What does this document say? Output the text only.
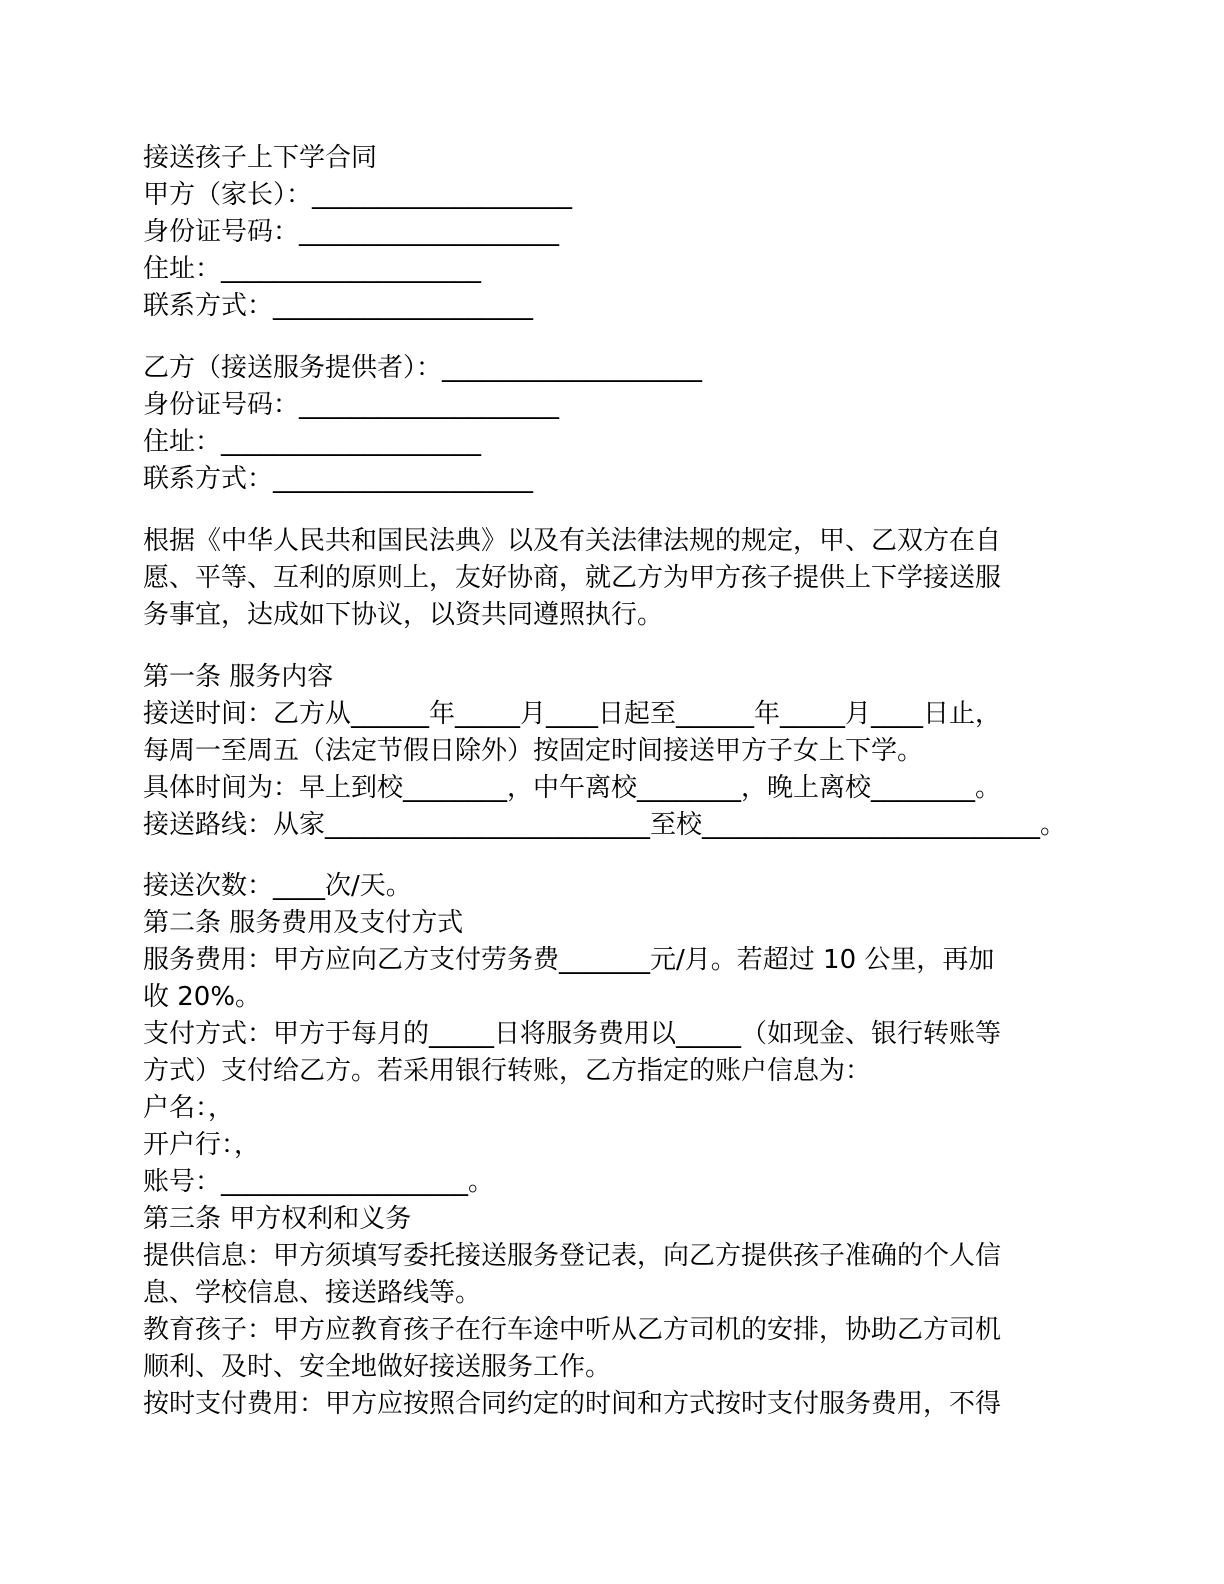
接送孩子上下学合同
甲方（家长）：____________________
身份证号码：____________________
住址：____________________
联系方式：____________________
乙方（接送服务提供者）：____________________
身份证号码：____________________
住址：____________________
联系方式：____________________
根据《中华人民共和国民法典》以及有关法律法规的规定，甲、乙双方在自
愿、平等、互利的原则上，友好协商，就乙方为甲方孩子提供上下学接送服
务事宜，达成如下协议，以资共同遵照执行。
第一条 服务内容
接送时间：乙方从______年_____月____日起至______年_____月____日止，
每周一至周五（法定节假日除外）按固定时间接送甲方子女上下学。
具体时间为：早上到校________，中午离校________，晚上离校________。
接送路线：从家_________________________至校__________________________。
接送次数：____次/天。
第二条 服务费用及支付方式
服务费用：甲方应向乙方支付劳务费_______元/月。若超过 10 公里，再加
收 20%。
支付方式：甲方于每月的_____日将服务费用以_____（如现金、银行转账等
方式）支付给乙方。若采用银行转账，乙方指定的账户信息为：
户名：，
开户行：，
账号：___________________。
第三条 甲方权利和义务
提供信息：甲方须填写委托接送服务登记表，向乙方提供孩子准确的个人信
息、学校信息、接送路线等。
教育孩子：甲方应教育孩子在行车途中听从乙方司机的安排，协助乙方司机
顺利、及时、安全地做好接送服务工作。
按时支付费用：甲方应按照合同约定的时间和方式按时支付服务费用，不得
